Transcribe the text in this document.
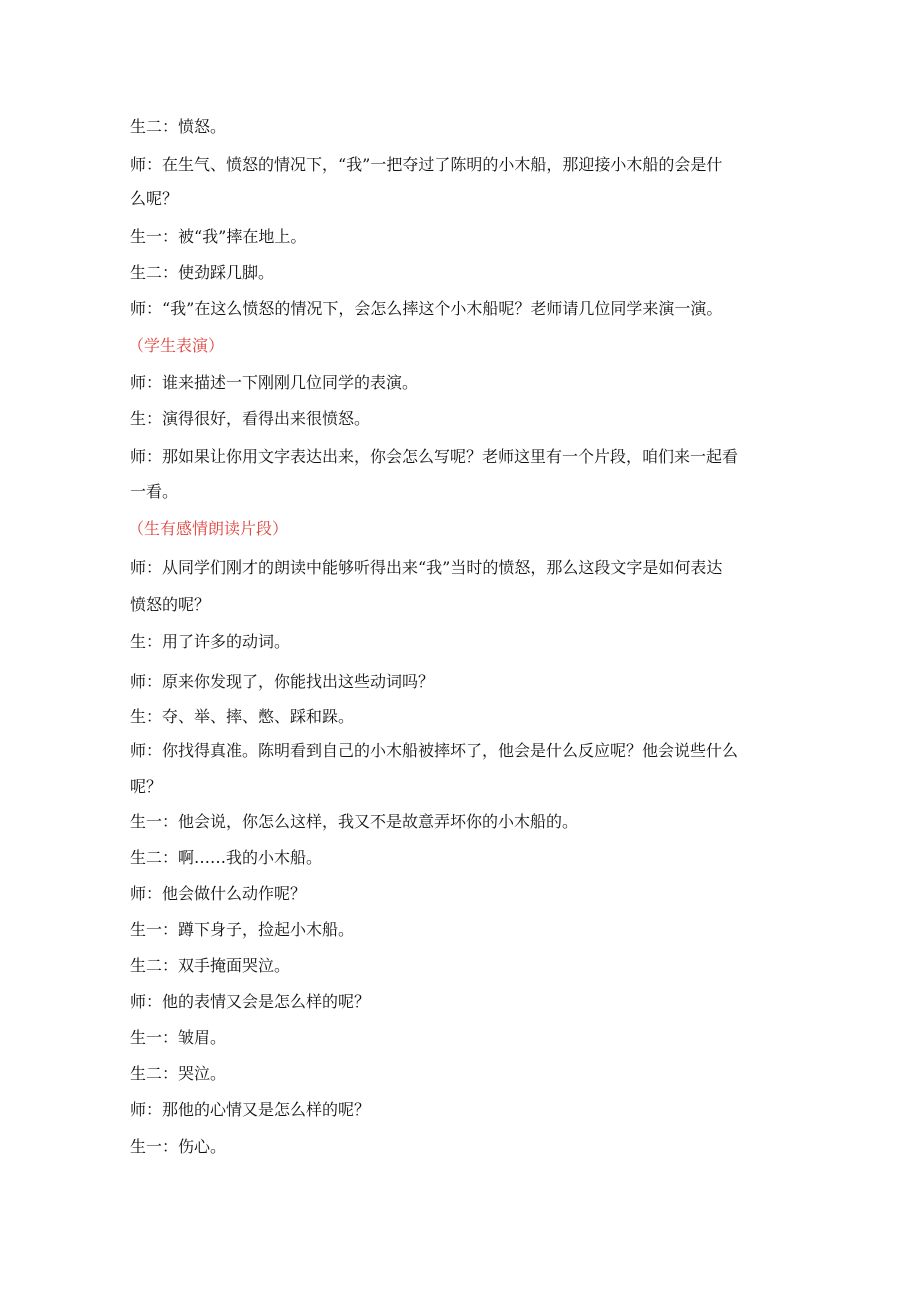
生二：愤怒。
师：在生气、愤怒的情况下，“我”一把夺过了陈明的小木船，那迎接小木船的会是什
么呢？
生一：被“我”摔在地上。
生二：使劲踩几脚。
师：“我”在这么愤怒的情况下，会怎么摔这个小木船呢？老师请几位同学来演一演。
（学生表演）
师：谁来描述一下刚刚几位同学的表演。
生：演得很好，看得出来很愤怒。
师：那如果让你用文字表达出来，你会怎么写呢？老师这里有一个片段，咱们来一起看
一看。
（生有感情朗读片段）
师：从同学们刚才的朗读中能够听得出来“我”当时的愤怒，那么这段文字是如何表达
愤怒的呢？
生：用了许多的动词。
师：原来你发现了，你能找出这些动词吗？
生：夺、举、摔、憋、踩和跺。
师：你找得真准。陈明看到自己的小木船被摔坏了，他会是什么反应呢？他会说些什么
呢？
生一：他会说，你怎么这样，我又不是故意弄坏你的小木船的。
生二：啊……我的小木船。
师：他会做什么动作呢？
生一：蹲下身子，捡起小木船。
生二：双手掩面哭泣。
师：他的表情又会是怎么样的呢？
生一：皱眉。
生二：哭泣。
师：那他的心情又是怎么样的呢？
生一：伤心。
